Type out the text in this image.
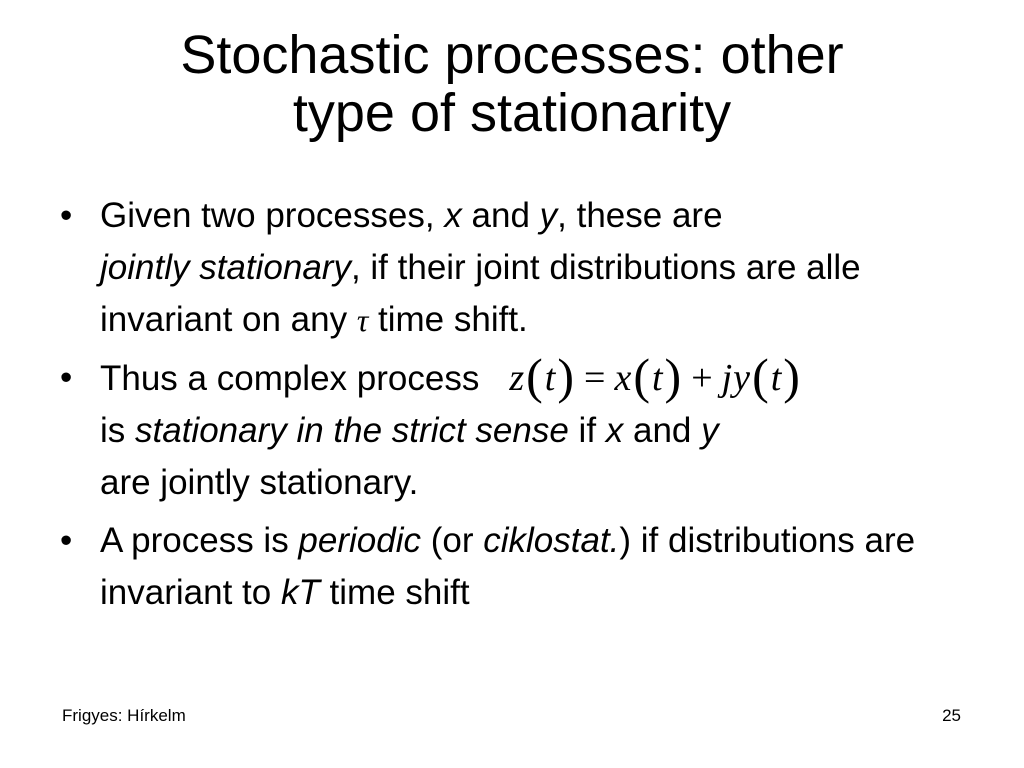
Stochastic processes: other
type of stationarity
• Given two processes, x and y, these are
jointly stationary, if their joint distributions are alle invariant on any τ time shift.
• Thus a complex process z(t) = x(t) + jy(t)
is stationary in the strict sense if x and y
are jointly stationary.
• A process is periodic (or ciklostat.) if distributions are invariant to kT time shift
Frigyes: Hírkelm	25
